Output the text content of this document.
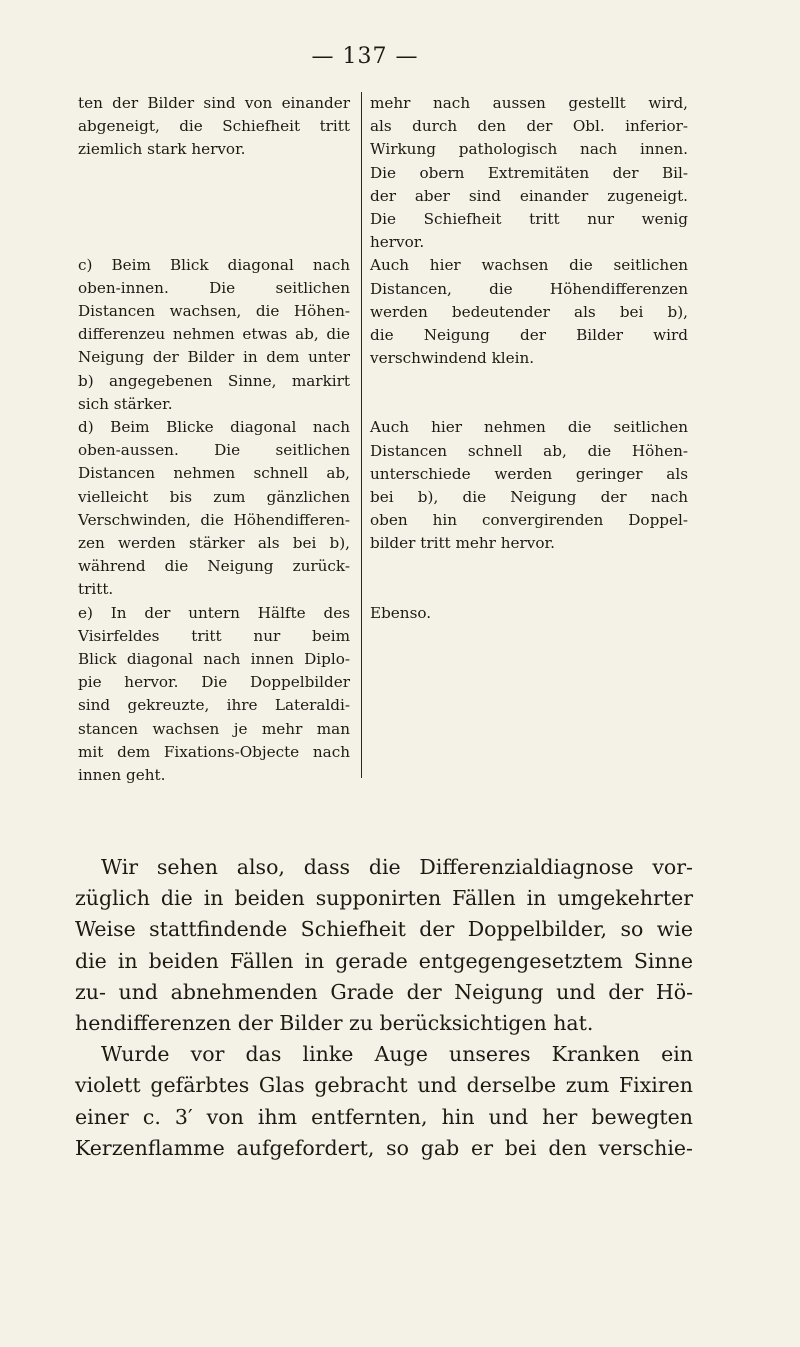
— 137 —

ten der Bilder sind von einander
abgeneigt, die Schiefheit tritt
ziemlich stark hervor.

c) Beim Blick diagonal nach
oben-innen. Die seitlichen
Distancen wachsen, die Höhen-
differenzeu nehmen etwas ab, die
Neigung der Bilder in dem unter
b) angegebenen Sinne, markirt
sich stärker.

d) Beim Blicke diagonal nach
oben-aussen. Die seitlichen
Distancen nehmen schnell ab,
vielleicht bis zum gänzlichen
Verschwinden, die Höhendifferen-
zen werden stärker als bei b),
während die Neigung zurück-
tritt.

e) In der untern Hälfte des
Visirfeldes tritt nur beim
Blick diagonal nach innen Diplo-
pie hervor. Die Doppelbilder
sind gekreuzte, ihre Lateraldi-
stancen wachsen je mehr man
mit dem Fixations-Objecte nach
innen geht.

mehr nach aussen gestellt wird,
als durch den der Obl. inferior-
Wirkung pathologisch nach innen.
Die obern Extremitäten der Bil-
der aber sind einander zugeneigt.
Die Schiefheit tritt nur wenig
hervor.

Auch hier wachsen die seitlichen
Distancen, die Höhendifferenzen
werden bedeutender als bei b),
die Neigung der Bilder wird
verschwindend klein.

Auch hier nehmen die seitlichen
Distancen schnell ab, die Höhen-
unterschiede werden geringer als
bei b), die Neigung der nach
oben hin convergirenden Doppel-
bilder tritt mehr hervor.

Ebenso.

Wir sehen also, dass die Differenzialdiagnose vor-
züglich die in beiden supponirten Fällen in umgekehrter
Weise stattfindende Schiefheit der Doppelbilder, so wie
die in beiden Fällen in gerade entgegengesetztem Sinne
zu- und abnehmenden Grade der Neigung und der Hö-
hendifferenzen der Bilder zu berücksichtigen hat.
Wurde vor das linke Auge unseres Kranken ein
violett gefärbtes Glas gebracht und derselbe zum Fixiren
einer c. 3′ von ihm entfernten, hin und her bewegten
Kerzenflamme aufgefordert, so gab er bei den verschie-
